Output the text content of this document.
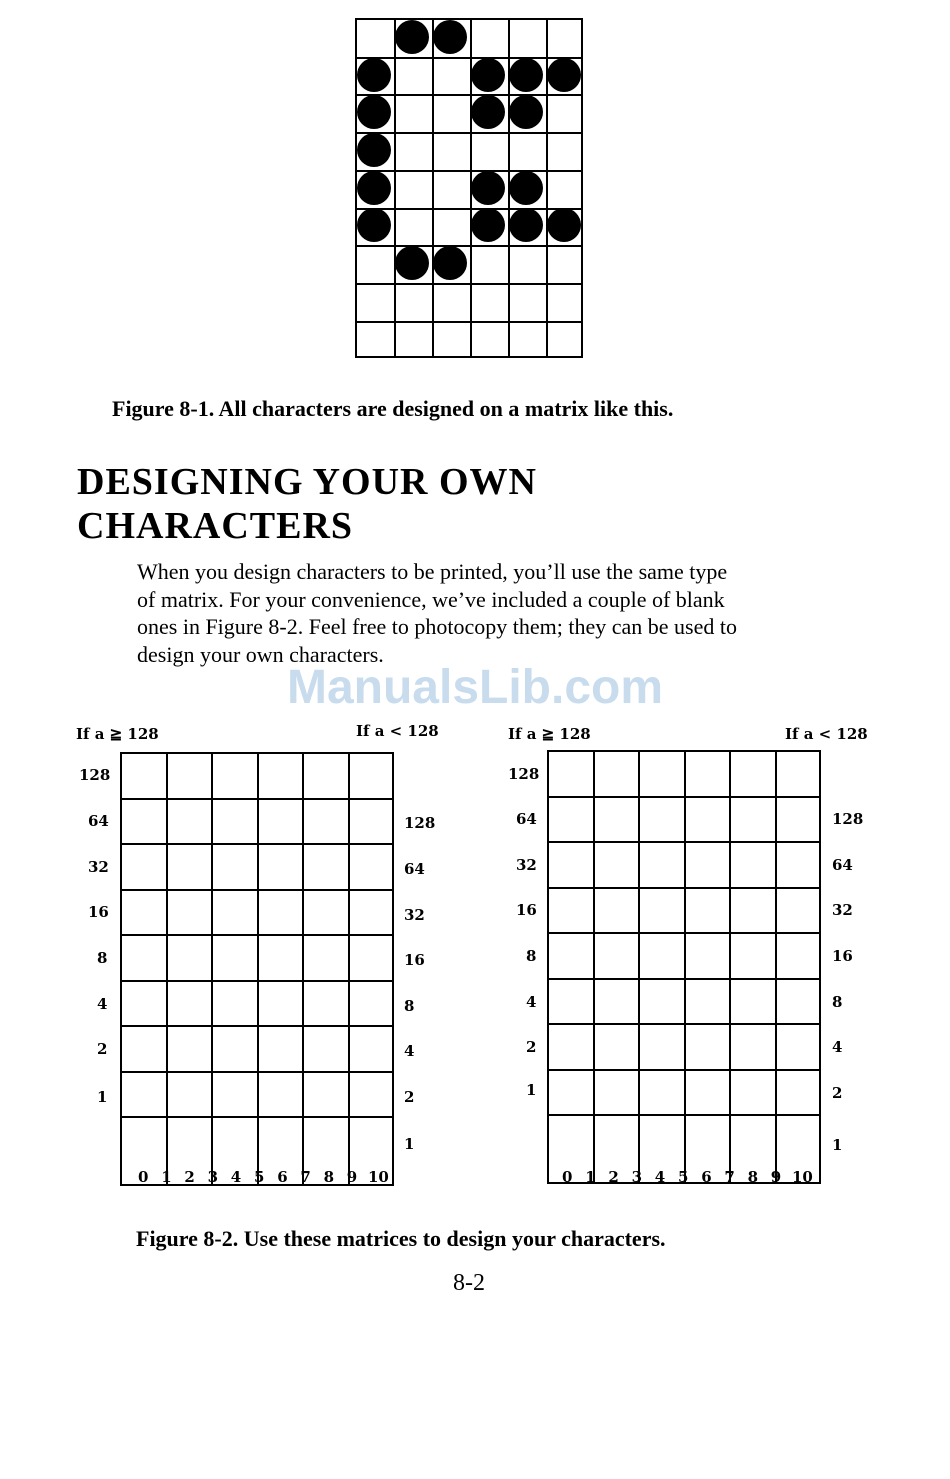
Figure 8-1. All characters are designed on a matrix like this.
DESIGNING YOUR OWN
CHARACTERS

When you design characters to be printed, you’ll use the same type

of matrix. For your convenience, we’ve included a couple of blank

ones in Figure 8-2. Feel free to photocopy them; they can be used to

design your own characters.

ManualsLib.com
If a ≧ 128	If a < 128
128
64
32
16
8
4
2
1
128
64
32
16
8
4
2
1
0 1 2 3 4 5 6 7 8 9 10
If a ≧ 128	If a < 128
128
64
32
16
8
4
2
1
128
64
32
16
8
4
2
1
0 1 2 3 4 5 6 7 8 9 10
Figure 8-2. Use these matrices to design your characters.
8-2
